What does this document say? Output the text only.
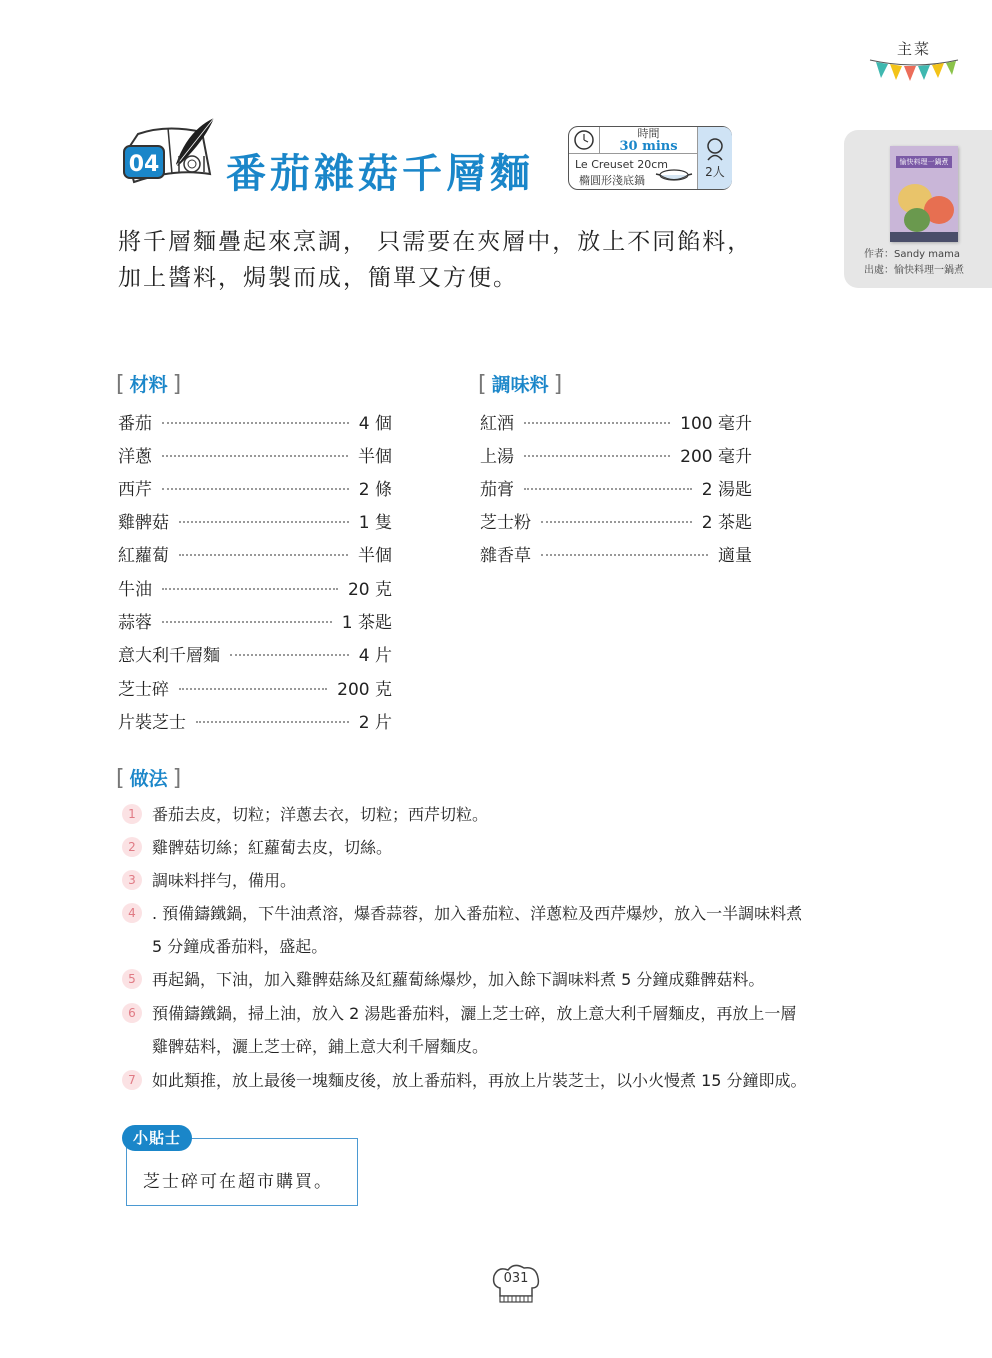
主菜
04 番茄雜菇千層麵
時間
30 mins
Le Creuset 20cm
橢圓形淺底鍋
2人
將千層麵疊起來烹調， 只需要在夾層中，放上不同餡料，
加上醬料，焗製而成，簡單又方便。
愉快料理一鍋煮
作者：Sandy mama
出處：愉快料理一鍋煮
[ 材料 ]	[ 調味料 ]
番茄	4 個
洋蔥	半個
西芹	2 條
雞髀菇	1 隻
紅蘿蔔	半個
牛油	20 克
蒜蓉	1 茶匙
意大利千層麵	4 片
芝士碎	200 克
片裝芝士	2 片
紅酒	100 毫升
上湯	200 毫升
茄膏	2 湯匙
芝士粉	2 茶匙
雜香草	適量
[ 做法 ]
1	番茄去皮，切粒；洋蔥去衣，切粒；西芹切粒。
2	雞髀菇切絲；紅蘿蔔去皮，切絲。
3	調味料拌勻，備用。
4	. 預備鑄鐵鍋，下牛油煮溶，爆香蒜蓉，加入番茄粒、洋蔥粒及西芹爆炒，放入一半調味料煮
5 分鐘成番茄料，盛起。
5	再起鍋，下油，加入雞髀菇絲及紅蘿蔔絲爆炒，加入餘下調味料煮 5 分鐘成雞髀菇料。
6	預備鑄鐵鍋，掃上油，放入 2 湯匙番茄料，灑上芝士碎，放上意大利千層麵皮，再放上一層
雞髀菇料，灑上芝士碎，鋪上意大利千層麵皮。
7	如此類推，放上最後一塊麵皮後，放上番茄料，再放上片裝芝士，以小火慢煮 15 分鐘即成。
芝士碎可在超市購買。
小貼士
031
